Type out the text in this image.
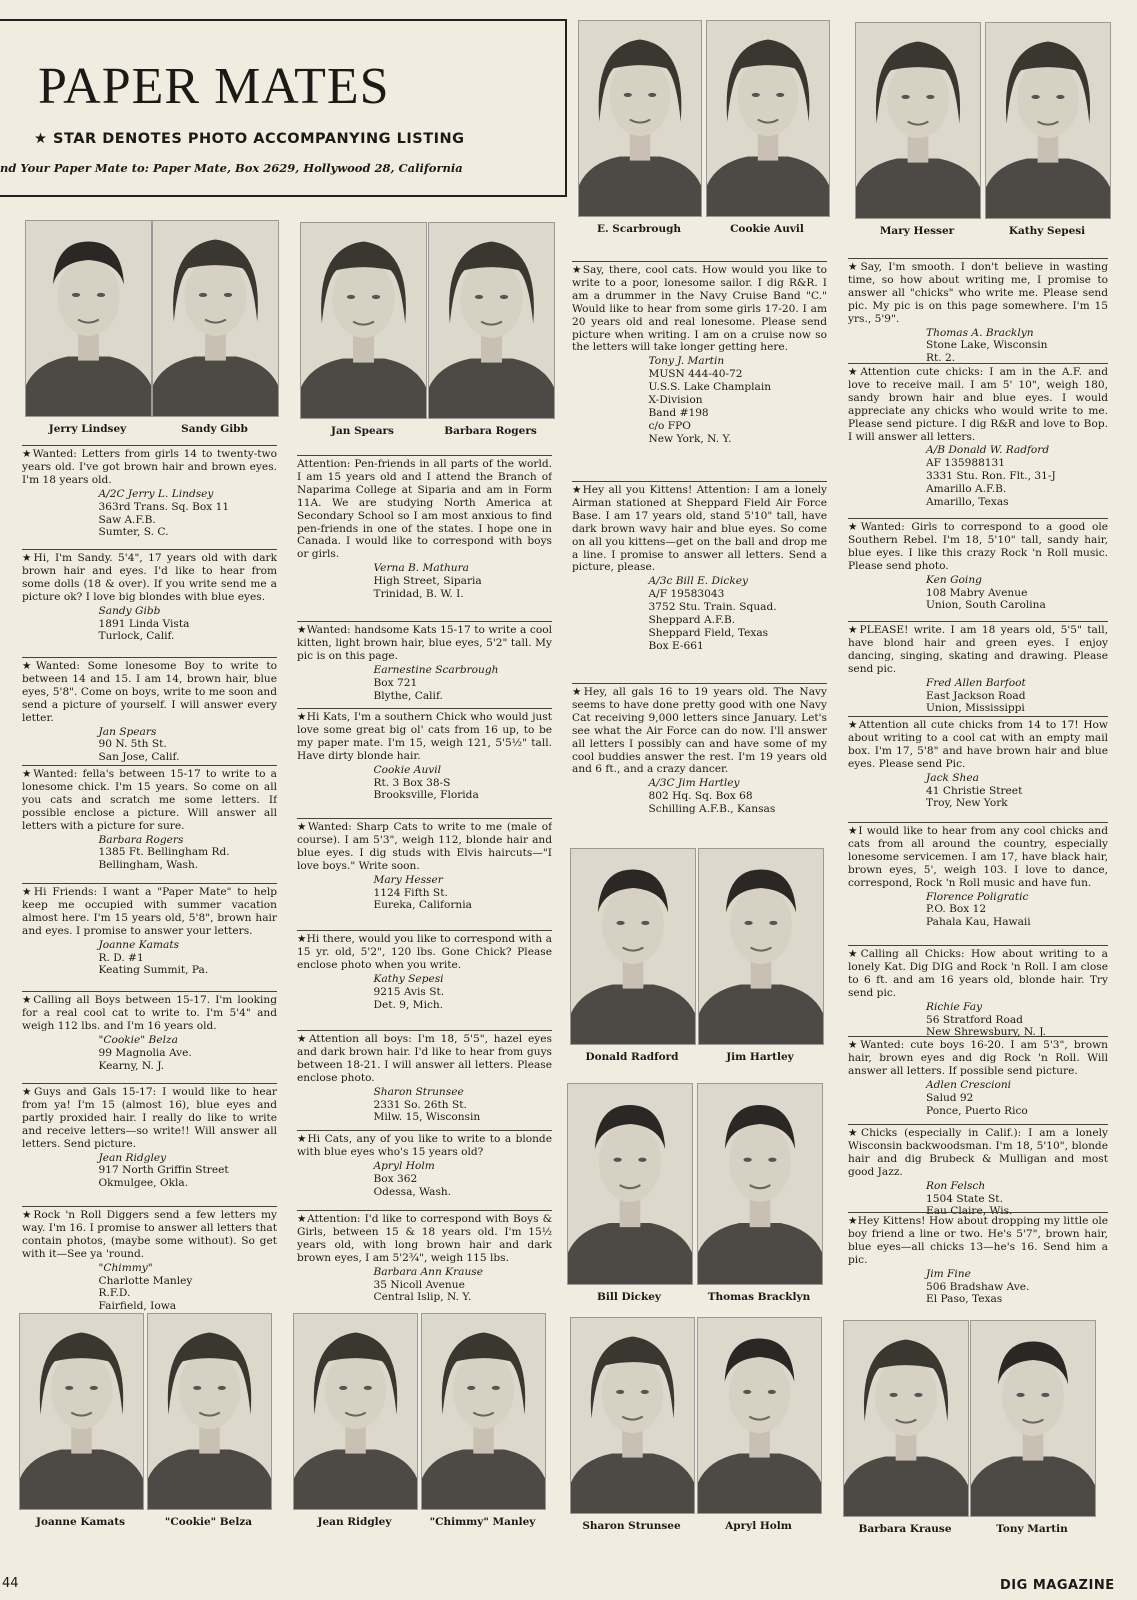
PAPER MATES
★ STAR DENOTES PHOTO ACCOMPANYING LISTING
nd Your Paper Mate to: Paper Mate, Box 2629, Hollywood 28, California
E. Scarbrough	Cookie Auvil	Mary Hesser	Kathy Sepesi
Jerry Lindsey	Sandy Gibb	Jan Spears	Barbara Rogers
Donald Radford	Jim Hartley
Bill Dickey	Thomas Bracklyn
Joanne Kamats	"Cookie" Belza	Jean Ridgley	"Chimmy" Manley	Sharon Strunsee	Apryl Holm	Barbara Krause	Tony Martin

★Wanted: Letters from girls 14 to twenty-two years old. I've got brown hair and brown eyes. I'm 18 years old.

A/2C Jerry L. Lindsey
363rd Trans. Sq. Box 11
Saw A.F.B.
Sumter, S. C.

★Hi, I'm Sandy. 5'4", 17 years old with dark brown hair and eyes. I'd like to hear from some dolls (18 & over). If you write send me a picture ok? I love big blondes with blue eyes.

Sandy Gibb
1891 Linda Vista
Turlock, Calif.

★Wanted: Some lonesome Boy to write to between 14 and 15. I am 14, brown hair, blue eyes, 5'8". Come on boys, write to me soon and send a picture of yourself. I will answer every letter.

Jan Spears
90 N. 5th St.
San Jose, Calif.

★Wanted: fella's between 15-17 to write to a lonesome chick. I'm 15 years. So come on all you cats and scratch me some letters. If possible enclose a picture. Will answer all letters with a picture for sure.

Barbara Rogers
1385 Ft. Bellingham Rd.
Bellingham, Wash.

★Hi Friends: I want a "Paper Mate" to help keep me occupied with summer vacation almost here. I'm 15 years old, 5'8", brown hair and eyes. I promise to answer your letters.

Joanne Kamats
R. D. #1
Keating Summit, Pa.

★Calling all Boys between 15-17. I'm looking for a real cool cat to write to. I'm 5'4" and weigh 112 lbs. and I'm 16 years old.

"Cookie" Belza
99 Magnolia Ave.
Kearny, N. J.

★Guys and Gals 15-17: I would like to hear from ya! I'm 15 (almost 16), blue eyes and partly proxided hair. I really do like to write and receive letters—so write!! Will answer all letters. Send picture.

Jean Ridgley
917 North Griffin Street
Okmulgee, Okla.

★Rock 'n Roll Diggers send a few letters my way. I'm 16. I promise to answer all letters that contain photos, (maybe some without). So get with it—See ya 'round.

"Chimmy"
Charlotte Manley
R.F.D.
Fairfield, Iowa

Attention: Pen-friends in all parts of the world. I am 15 years old and I attend the Branch of Naparima College at Siparia and am in Form 11A. We are studying North America at Secondary School so I am most anxious to find pen-friends in one of the states. I hope one in Canada. I would like to correspond with boys or girls.

Verna B. Mathura
High Street, Siparia
Trinidad, B. W. I.

★Wanted: handsome Kats 15-17 to write a cool kitten, light brown hair, blue eyes, 5'2" tall. My pic is on this page.

Earnestine Scarbrough
Box 721
Blythe, Calif.

★Hi Kats, I'm a southern Chick who would just love some great big ol' cats from 16 up, to be my paper mate. I'm 15, weigh 121, 5'5½" tall. Have dirty blonde hair.

Cookie Auvil
Rt. 3 Box 38-S
Brooksville, Florida

★Wanted: Sharp Cats to write to me (male of course). I am 5'3", weigh 112, blonde hair and blue eyes. I dig studs with Elvis haircuts—"I love boys." Write soon.

Mary Hesser
1124 Fifth St.
Eureka, California

★Hi there, would you like to correspond with a 15 yr. old, 5'2", 120 lbs. Gone Chick? Please enclose photo when you write.

Kathy Sepesi
9215 Avis St.
Det. 9, Mich.

★Attention all boys: I'm 18, 5'5", hazel eyes and dark brown hair. I'd like to hear from guys between 18-21. I will answer all letters. Please enclose photo.

Sharon Strunsee
2331 So. 26th St.
Milw. 15, Wisconsin

★Hi Cats, any of you like to write to a blonde with blue eyes who's 15 years old?

Apryl Holm
Box 362
Odessa, Wash.

★Attention: I'd like to correspond with Boys & Girls, between 15 & 18 years old. I'm 15½ years old, with long brown hair and dark brown eyes, I am 5'2¾", weigh 115 lbs.

Barbara Ann Krause
35 Nicoll Avenue
Central Islip, N. Y.

★Say, there, cool cats. How would you like to write to a poor, lonesome sailor. I dig R&R. I am a drummer in the Navy Cruise Band "C." Would like to hear from some girls 17-20. I am 20 years old and real lonesome. Please send picture when writing. I am on a cruise now so the letters will take longer getting here.

Tony J. Martin
MUSN 444-40-72
U.S.S. Lake Champlain
X-Division
Band #198
c/o FPO
New York, N. Y.

★Hey all you Kittens! Attention: I am a lonely Airman stationed at Sheppard Field Air Force Base. I am 17 years old, stand 5'10" tall, have dark brown wavy hair and blue eyes. So come on all you kittens—get on the ball and drop me a line. I promise to answer all letters. Send a picture, please.

A/3c Bill E. Dickey
A/F 19583043
3752 Stu. Train. Squad.
Sheppard A.F.B.
Sheppard Field, Texas
Box E-661

★Hey, all gals 16 to 19 years old. The Navy seems to have done pretty good with one Navy Cat receiving 9,000 letters since January. Let's see what the Air Force can do now. I'll answer all letters I possibly can and have some of my cool buddies answer the rest. I'm 19 years old and 6 ft., and a crazy dancer.

A/3C Jim Hartley
802 Hq. Sq. Box 68
Schilling A.F.B., Kansas

★Say, I'm smooth. I don't believe in wasting time, so how about writing me, I promise to answer all "chicks" who write me. Please send pic. My pic is on this page somewhere. I'm 15 yrs., 5'9".

Thomas A. Bracklyn
Stone Lake, Wisconsin
Rt. 2.

★Attention cute chicks: I am in the A.F. and love to receive mail. I am 5' 10", weigh 180, sandy brown hair and blue eyes. I would appreciate any chicks who would write to me. Please send picture. I dig R&R and love to Bop. I will answer all letters.

A/B Donald W. Radford
AF 135988131
3331 Stu. Ron. Flt., 31-J
Amarillo A.F.B.
Amarillo, Texas

★Wanted: Girls to correspond to a good ole Southern Rebel. I'm 18, 5'10" tall, sandy hair, blue eyes. I like this crazy Rock 'n Roll music. Please send photo.

Ken Going
108 Mabry Avenue
Union, South Carolina

★PLEASE! write. I am 18 years old, 5'5" tall, have blond hair and green eyes. I enjoy dancing, singing, skating and drawing. Please send pic.

Fred Allen Barfoot
East Jackson Road
Union, Mississippi

★Attention all cute chicks from 14 to 17! How about writing to a cool cat with an empty mail box. I'm 17, 5'8" and have brown hair and blue eyes. Please send Pic.

Jack Shea
41 Christie Street
Troy, New York

★I would like to hear from any cool chicks and cats from all around the country, especially lonesome servicemen. I am 17, have black hair, brown eyes, 5', weigh 103. I love to dance, correspond, Rock 'n Roll music and have fun.

Florence Poligratic
P.O. Box 12
Pahala Kau, Hawaii

★Calling all Chicks: How about writing to a lonely Kat. Dig DIG and Rock 'n Roll. I am close to 6 ft. and am 16 years old, blonde hair. Try send pic.

Richie Fay
56 Stratford Road
New Shrewsbury, N. J.

★Wanted: cute boys 16-20. I am 5'3", brown hair, brown eyes and dig Rock 'n Roll. Will answer all letters. If possible send picture.

Adlen Crescioni
Salud 92
Ponce, Puerto Rico

★Chicks (especially in Calif.): I am a lonely Wisconsin backwoodsman. I'm 18, 5'10", blonde hair and dig Brubeck & Mulligan and most good Jazz.

Ron Felsch
1504 State St.
Eau Claire, Wis.

★Hey Kittens! How about dropping my little ole boy friend a line or two. He's 5'7", brown hair, blue eyes—all chicks 13—he's 16. Send him a pic.

Jim Fine
506 Bradshaw Ave.
El Paso, Texas
44	DIG MAGAZINE
